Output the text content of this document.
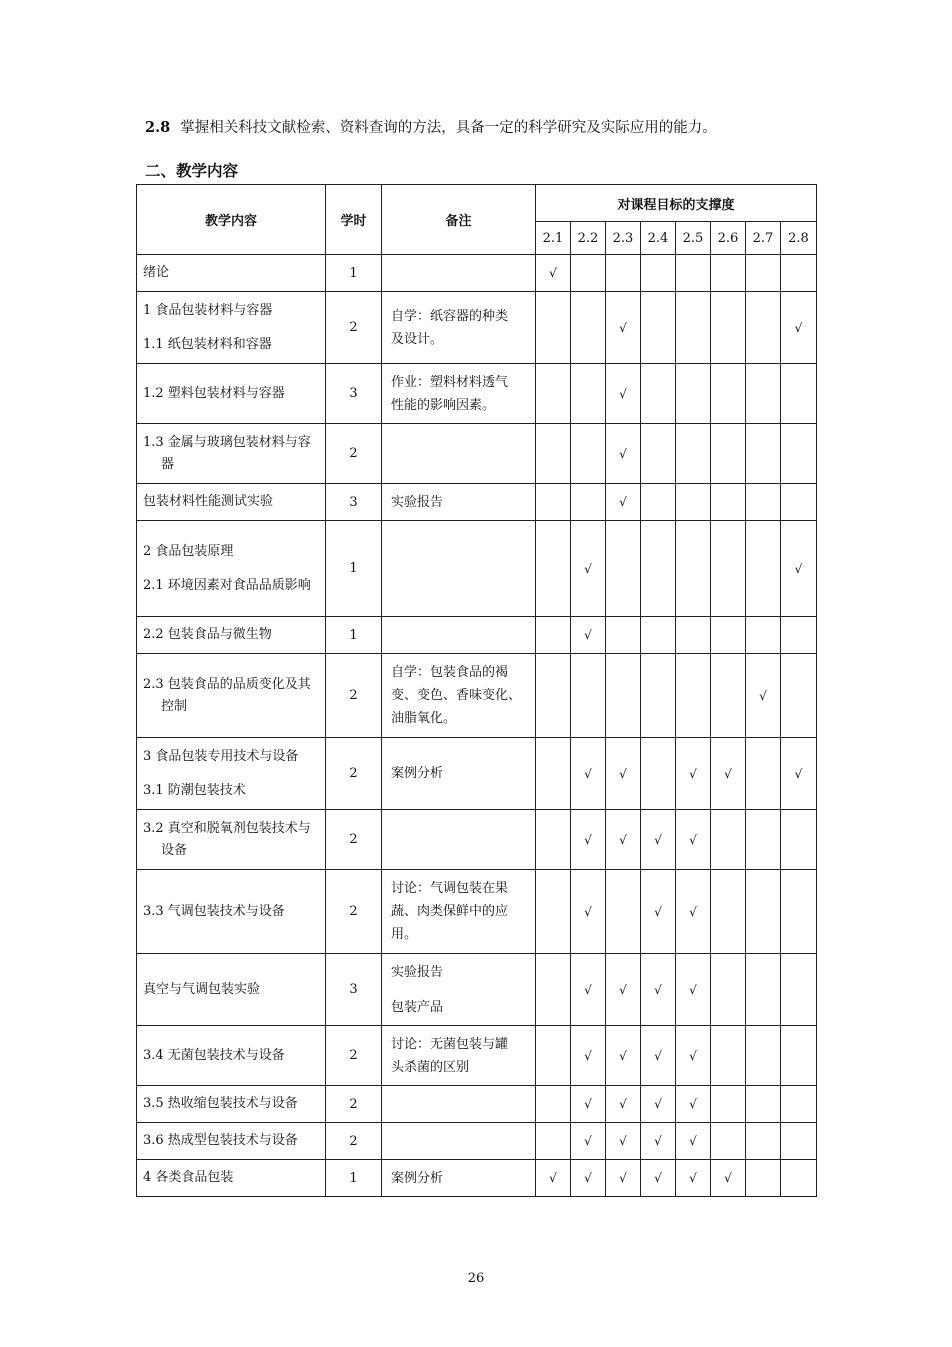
2.8 掌握相关科技文献检索、资料查询的方法，具备一定的科学研究及实际应用的能力。
二、教学内容
教学内容	学时	备注	对课程目标的支撑度							
			2.1	2.2	2.3	2.4	2.5	2.6	2.7	2.8

绪论	1		√							

1 食品包装材料与容器
1.1 纸包装材料和容器	2	自学：纸容器的种类
及设计。			√					√

1.2 塑料包装材料与容器	3	作业：塑料材料透气
性能的影响因素。			√					

1.3 金属与玻璃包装材料与容器	2				√					

包装材料性能测试实验	3	实验报告			√					

2 食品包装原理
2.1 环境因素对食品品质影响	1			√						√

2.2 包装食品与微生物	1			√						

2.3 包装食品的品质变化及其控制	2	自学：包装食品的褐
变、变色、香味变化、
油脂氧化。							√	

3 食品包装专用技术与设备
3.1 防潮包装技术	2	案例分析		√	√		√	√		√

3.2 真空和脱氧剂包装技术与设备	2			√	√	√	√			

3.3 气调包装技术与设备	2	讨论：气调包装在果
蔬、肉类保鲜中的应
用。		√		√	√			

真空与气调包装实验	3	实验报告
包装产品		√	√	√	√			

3.4 无菌包装技术与设备	2	讨论：无菌包装与罐
头杀菌的区别		√	√	√	√			

3.5 热收缩包装技术与设备	2			√	√	√	√			

3.6 热成型包装技术与设备	2			√	√	√	√			

4 各类食品包装	1	案例分析	√	√	√	√	√	√		
26
